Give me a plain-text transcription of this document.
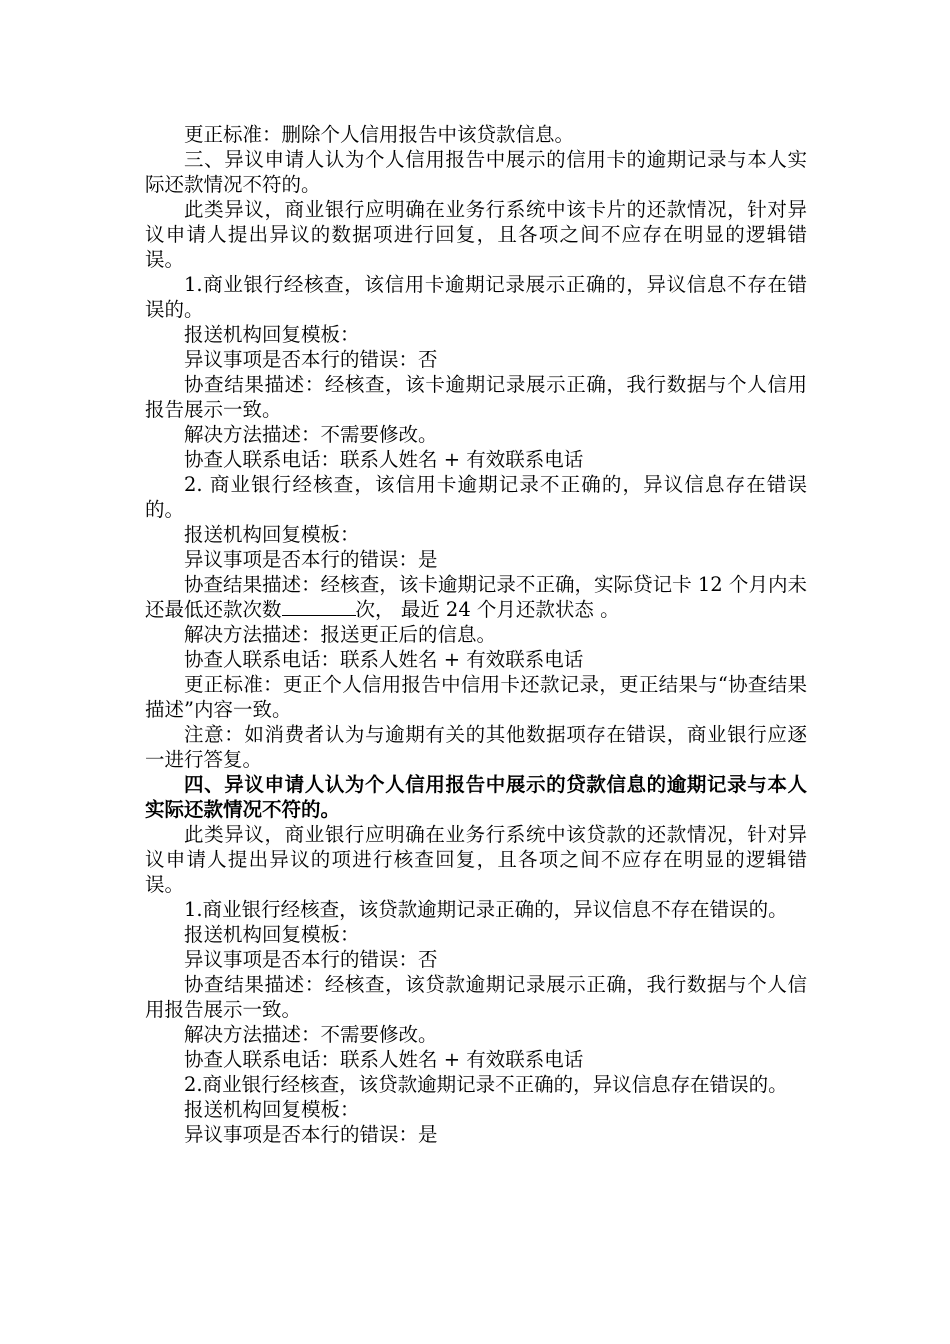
更正标准：删除个人信用报告中该贷款信息。

三、异议申请人认为个人信用报告中展示的信用卡的逾期记录与本人实际还款情况不符的。

此类异议，商业银行应明确在业务行系统中该卡片的还款情况，针对异议申请人提出异议的数据项进行回复，且各项之间不应存在明显的逻辑错误。

1.商业银行经核查，该信用卡逾期记录展示正确的，异议信息不存在错误的。

报送机构回复模板：

异议事项是否本行的错误：否

协查结果描述：经核查，该卡逾期记录展示正确，我行数据与个人信用报告展示一致。

解决方法描述：不需要修改。

协查人联系电话：联系人姓名 + 有效联系电话

2. 商业银行经核查，该信用卡逾期记录不正确的，异议信息存在错误的。

报送机构回复模板：

异议事项是否本行的错误：是

协查结果描述：经核查，该卡逾期记录不正确，实际贷记卡 12 个月内未还最低还款次数	次， 最近 24 个月还款状态 。

解决方法描述：报送更正后的信息。

协查人联系电话：联系人姓名 + 有效联系电话

更正标准：更正个人信用报告中信用卡还款记录，更正结果与“协查结果描述”内容一致。

注意：如消费者认为与逾期有关的其他数据项存在错误，商业银行应逐一进行答复。

四、异议申请人认为个人信用报告中展示的贷款信息的逾期记录与本人实际还款情况不符的。

此类异议，商业银行应明确在业务行系统中该贷款的还款情况，针对异议申请人提出异议的项进行核查回复，且各项之间不应存在明显的逻辑错误。

1.商业银行经核查，该贷款逾期记录正确的，异议信息不存在错误的。

报送机构回复模板：

异议事项是否本行的错误：否

协查结果描述：经核查，该贷款逾期记录展示正确，我行数据与个人信用报告展示一致。

解决方法描述：不需要修改。

协查人联系电话：联系人姓名 + 有效联系电话

2.商业银行经核查，该贷款逾期记录不正确的，异议信息存在错误的。

报送机构回复模板：

异议事项是否本行的错误：是
